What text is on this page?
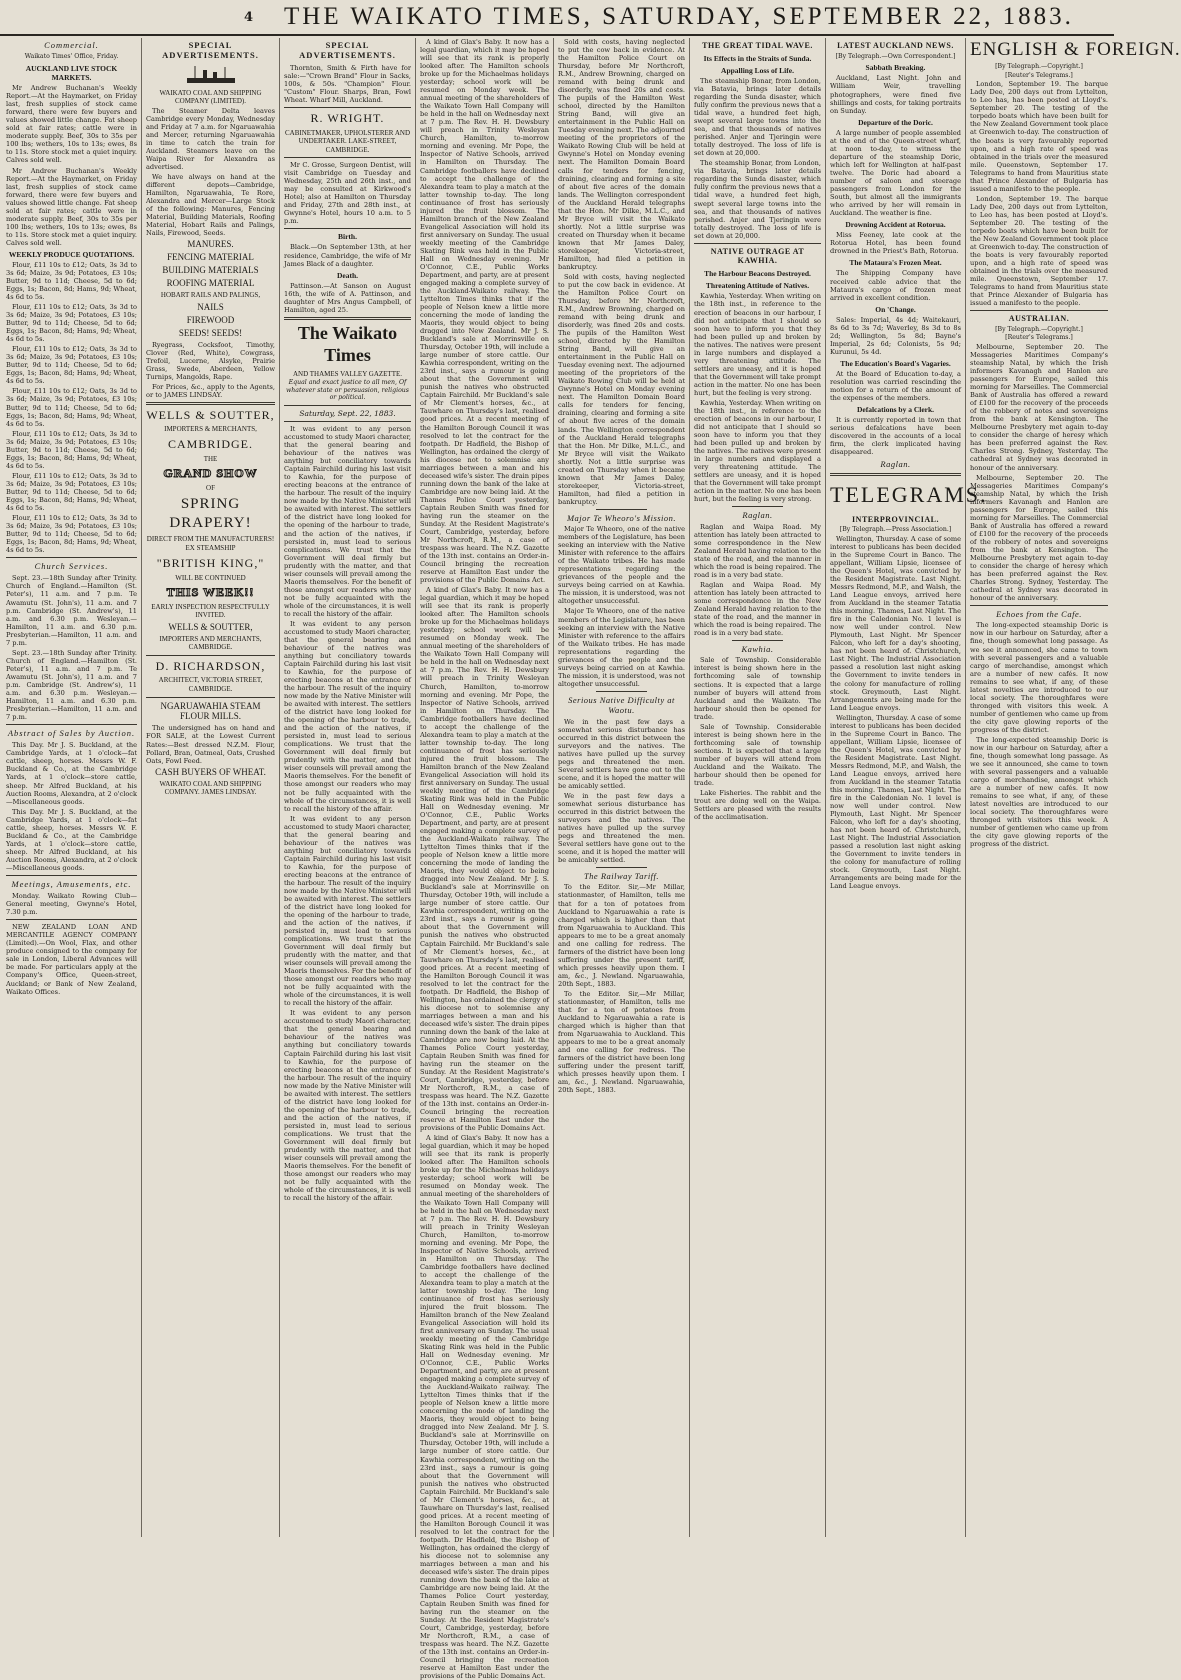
4	THE WAIKATO TIMES, SATURDAY, SEPTEMBER 22, 1883.
Commercial.
Waikato Times' Office, Friday.
AUCKLAND LIVE STOCK MARKETS.

Mr Andrew Buchanan's Weekly Report.—At the Haymarket, on Friday last, fresh supplies of stock came forward, there were few buyers and values showed little change. Fat sheep sold at fair rates; cattle were in moderate supply. Beef, 30s to 35s per 100 lbs; wethers, 10s to 13s; ewes, 8s to 11s. Store stock met a quiet inquiry. Calves sold well.

Mr Andrew Buchanan's Weekly Report.—At the Haymarket, on Friday last, fresh supplies of stock came forward, there were few buyers and values showed little change. Fat sheep sold at fair rates; cattle were in moderate supply. Beef, 30s to 35s per 100 lbs; wethers, 10s to 13s; ewes, 8s to 11s. Store stock met a quiet inquiry. Calves sold well.

WEEKLY PRODUCE QUOTATIONS.

Flour, £11 10s to £12; Oats, 3s 3d to 3s 6d; Maize, 3s 9d; Potatoes, £3 10s; Butter, 9d to 11d; Cheese, 5d to 6d; Eggs, 1s; Bacon, 8d; Hams, 9d; Wheat, 4s 6d to 5s.

Flour, £11 10s to £12; Oats, 3s 3d to 3s 6d; Maize, 3s 9d; Potatoes, £3 10s; Butter, 9d to 11d; Cheese, 5d to 6d; Eggs, 1s; Bacon, 8d; Hams, 9d; Wheat, 4s 6d to 5s.

Flour, £11 10s to £12; Oats, 3s 3d to 3s 6d; Maize, 3s 9d; Potatoes, £3 10s; Butter, 9d to 11d; Cheese, 5d to 6d; Eggs, 1s; Bacon, 8d; Hams, 9d; Wheat, 4s 6d to 5s.

Flour, £11 10s to £12; Oats, 3s 3d to 3s 6d; Maize, 3s 9d; Potatoes, £3 10s; Butter, 9d to 11d; Cheese, 5d to 6d; Eggs, 1s; Bacon, 8d; Hams, 9d; Wheat, 4s 6d to 5s.

Flour, £11 10s to £12; Oats, 3s 3d to 3s 6d; Maize, 3s 9d; Potatoes, £3 10s; Butter, 9d to 11d; Cheese, 5d to 6d; Eggs, 1s; Bacon, 8d; Hams, 9d; Wheat, 4s 6d to 5s.

Flour, £11 10s to £12; Oats, 3s 3d to 3s 6d; Maize, 3s 9d; Potatoes, £3 10s; Butter, 9d to 11d; Cheese, 5d to 6d; Eggs, 1s; Bacon, 8d; Hams, 9d; Wheat, 4s 6d to 5s.

Flour, £11 10s to £12; Oats, 3s 3d to 3s 6d; Maize, 3s 9d; Potatoes, £3 10s; Butter, 9d to 11d; Cheese, 5d to 6d; Eggs, 1s; Bacon, 8d; Hams, 9d; Wheat, 4s 6d to 5s.

Church Services.

Sept. 23.—18th Sunday after Trinity. Church of England.—Hamilton (St. Peter's), 11 a.m. and 7 p.m. Te Awamutu (St. John's), 11 a.m. and 7 p.m. Cambridge (St. Andrew's), 11 a.m. and 6.30 p.m. Wesleyan.—Hamilton, 11 a.m. and 6.30 p.m. Presbyterian.—Hamilton, 11 a.m. and 7 p.m.

Sept. 23.—18th Sunday after Trinity. Church of England.—Hamilton (St. Peter's), 11 a.m. and 7 p.m. Te Awamutu (St. John's), 11 a.m. and 7 p.m. Cambridge (St. Andrew's), 11 a.m. and 6.30 p.m. Wesleyan.—Hamilton, 11 a.m. and 6.30 p.m. Presbyterian.—Hamilton, 11 a.m. and 7 p.m.

Abstract of Sales by Auction.

This Day. Mr J. S. Buckland, at the Cambridge Yards, at 1 o'clock—fat cattle, sheep, horses. Messrs W. F. Buckland & Co., at the Cambridge Yards, at 1 o'clock—store cattle, sheep. Mr Alfred Buckland, at his Auction Rooms, Alexandra, at 2 o'clock—Miscellaneous goods.

This Day. Mr J. S. Buckland, at the Cambridge Yards, at 1 o'clock—fat cattle, sheep, horses. Messrs W. F. Buckland & Co., at the Cambridge Yards, at 1 o'clock—store cattle, sheep. Mr Alfred Buckland, at his Auction Rooms, Alexandra, at 2 o'clock—Miscellaneous goods.

Meetings, Amusements, etc.

Monday. Waikato Rowing Club—General meeting, Gwynne's Hotel, 7.30 p.m.

NEW ZEALAND LOAN AND MERCANTILE AGENCY COMPANY (Limited).—On Wool, Flax, and other produce consigned to the company for sale in London, Liberal Advances will be made. For particulars apply at the Company's Office, Queen-street, Auckland; or Bank of New Zealand, Waikato Offices.

SPECIAL ADVERTISEMENTS.
WAIKATO COAL AND SHIPPING COMPANY (LIMITED).

The Steamer Delta leaves Cambridge every Monday, Wednesday and Friday at 7 a.m. for Ngaruawahia and Mercer, returning Ngaruawahia in time to catch the train for Auckland. Steamers leave on the Waipa River for Alexandra as advertised.

We have always on hand at the different depots—Cambridge, Hamilton, Ngaruawahia, Te Rore, Alexandra and Mercer—Large Stock of the following: Manures, Fencing Material, Building Materials, Roofing Material, Hobart Rails and Palings, Nails, Firewood, Seeds.

MANURES.
FENCING MATERIAL
BUILDING MATERIALS
ROOFING MATERIAL
HOBART RAILS AND PALINGS,
NAILS
FIREWOOD
SEEDS! SEEDS!

Ryegrass, Cocksfoot, Timothy, Clover (Red, White), Cowgrass, Trefoil, Lucerne, Alsyke, Prairie Grass, Swede, Aberdeen, Yellow Turnips, Mangolds, Rape.

For Prices, &c., apply to the Agents, or to JAMES LINDSAY.

WELLS & SOUTTER,
IMPORTERS & MERCHANTS,
CAMBRIDGE.
THE
GRAND SHOW
OF
SPRING DRAPERY!
DIRECT FROM THE MANUFACTURERS!
EX STEAMSHIP
"BRITISH KING,"
WILL BE CONTINUED
THIS WEEK!!
EARLY INSPECTION RESPECTFULLY INVITED.
WELLS & SOUTTER,
IMPORTERS AND MERCHANTS, CAMBRIDGE.
D. RICHARDSON,
ARCHITECT, VICTORIA STREET, CAMBRIDGE.
NGARUAWAHIA STEAM FLOUR MILLS.

The undersigned has on hand and FOR SALE, at the Lowest Current Rates:—Best dressed N.Z.M. Flour, Pollard, Bran, Oatmeal, Oats, Crushed Oats, Fowl Feed.

CASH BUYERS OF WHEAT.
WAIKATO COAL AND SHIPPING COMPANY. JAMES LINDSAY.
SPECIAL ADVERTISEMENTS.

Thornton, Smith & Firth have for sale:—"Crown Brand" Flour in Sacks, 100s, & 50s. "Champion" Flour. "Custom" Flour. Sharps, Bran, Fowl Wheat. Wharf Mill, Auckland.

R. WRIGHT.
CABINETMAKER, UPHOLSTERER AND UNDERTAKER. LAKE-STREET, CAMBRIDGE.

Mr C. Grosse, Surgeon Dentist, will visit Cambridge on Tuesday and Wednesday, 25th and 26th inst., and may be consulted at Kirkwood's Hotel; also at Hamilton on Thursday and Friday, 27th and 28th inst., at Gwynne's Hotel, hours 10 a.m. to 5 p.m.

Birth.

Black.—On September 13th, at her residence, Cambridge, the wife of Mr James Black of a daughter.

Death.

Pattinson.—At Sanson on August 16th, the wife of A. Pattinson, and daughter of Mrs Angus Campbell, of Hamilton, aged 25.

The Waikato Times
AND THAMES VALLEY GAZETTE.
Equal and exact justice to all men, Of whatever state or persuasion, religious or political.
Saturday, Sept. 22, 1883.

It was evident to any person accustomed to study Maori character, that the general bearing and behaviour of the natives was anything but conciliatory towards Captain Fairchild during his last visit to Kawhia, for the purpose of erecting beacons at the entrance of the harbour. The result of the inquiry now made by the Native Minister will be awaited with interest. The settlers of the district have long looked for the opening of the harbour to trade, and the action of the natives, if persisted in, must lead to serious complications. We trust that the Government will deal firmly but prudently with the matter, and that wiser counsels will prevail among the Maoris themselves. For the benefit of those amongst our readers who may not be fully acquainted with the whole of the circumstances, it is well to recall the history of the affair.

It was evident to any person accustomed to study Maori character, that the general bearing and behaviour of the natives was anything but conciliatory towards Captain Fairchild during his last visit to Kawhia, for the purpose of erecting beacons at the entrance of the harbour. The result of the inquiry now made by the Native Minister will be awaited with interest. The settlers of the district have long looked for the opening of the harbour to trade, and the action of the natives, if persisted in, must lead to serious complications. We trust that the Government will deal firmly but prudently with the matter, and that wiser counsels will prevail among the Maoris themselves. For the benefit of those amongst our readers who may not be fully acquainted with the whole of the circumstances, it is well to recall the history of the affair.

It was evident to any person accustomed to study Maori character, that the general bearing and behaviour of the natives was anything but conciliatory towards Captain Fairchild during his last visit to Kawhia, for the purpose of erecting beacons at the entrance of the harbour. The result of the inquiry now made by the Native Minister will be awaited with interest. The settlers of the district have long looked for the opening of the harbour to trade, and the action of the natives, if persisted in, must lead to serious complications. We trust that the Government will deal firmly but prudently with the matter, and that wiser counsels will prevail among the Maoris themselves. For the benefit of those amongst our readers who may not be fully acquainted with the whole of the circumstances, it is well to recall the history of the affair.

It was evident to any person accustomed to study Maori character, that the general bearing and behaviour of the natives was anything but conciliatory towards Captain Fairchild during his last visit to Kawhia, for the purpose of erecting beacons at the entrance of the harbour. The result of the inquiry now made by the Native Minister will be awaited with interest. The settlers of the district have long looked for the opening of the harbour to trade, and the action of the natives, if persisted in, must lead to serious complications. We trust that the Government will deal firmly but prudently with the matter, and that wiser counsels will prevail among the Maoris themselves. For the benefit of those amongst our readers who may not be fully acquainted with the whole of the circumstances, it is well to recall the history of the affair.

A kind of Glax's Baby. It now has a legal guardian, which it may be hoped will see that its rank is properly looked after. The Hamilton schools broke up for the Michaelmas holidays yesterday; school work will be resumed on Monday week. The annual meeting of the shareholders of the Waikato Town Hall Company will be held in the hall on Wednesday next at 7 p.m. The Rev. H. H. Dewsbury will preach in Trinity Wesleyan Church, Hamilton, to-morrow morning and evening. Mr Pope, the Inspector of Native Schools, arrived in Hamilton on Thursday. The Cambridge footballers have declined to accept the challenge of the Alexandra team to play a match at the latter township to-day. The long continuance of frost has seriously injured the fruit blossom. The Hamilton branch of the New Zealand Evangelical Association will hold its first anniversary on Sunday. The usual weekly meeting of the Cambridge Skating Rink was held in the Public Hall on Wednesday evening. Mr O'Connor, C.E., Public Works Department, and party, are at present engaged making a complete survey of the Auckland-Waikato railway. The Lyttelton Times thinks that if the people of Nelson knew a little more concerning the mode of landing the Maoris, they would object to being dragged into New Zealand. Mr J. S. Buckland's sale at Morrinsville on Thursday, October 19th, will include a large number of store cattle. Our Kawhia correspondent, writing on the 23rd inst., says a rumour is going about that the Government will punish the natives who obstructed Captain Fairchild. Mr Buckland's sale of Mr Clement's horses, &c., at Tauwhare on Thursday's last, realised good prices. At a recent meeting of the Hamilton Borough Council it was resolved to let the contract for the footpath. Dr Hadfield, the Bishop of Wellington, has ordained the clergy of his diocese not to solemnise any marriages between a man and his deceased wife's sister. The drain pipes running down the bank of the lake at Cambridge are now being laid. At the Thames Police Court yesterday, Captain Reuben Smith was fined for having run the steamer on the Sunday. At the Resident Magistrate's Court, Cambridge, yesterday, before Mr Northcroft, R.M., a case of trespass was heard. The N.Z. Gazette of the 13th inst. contains an Order-in-Council bringing the recreation reserve at Hamilton East under the provisions of the Public Domains Act.

A kind of Glax's Baby. It now has a legal guardian, which it may be hoped will see that its rank is properly looked after. The Hamilton schools broke up for the Michaelmas holidays yesterday; school work will be resumed on Monday week. The annual meeting of the shareholders of the Waikato Town Hall Company will be held in the hall on Wednesday next at 7 p.m. The Rev. H. H. Dewsbury will preach in Trinity Wesleyan Church, Hamilton, to-morrow morning and evening. Mr Pope, the Inspector of Native Schools, arrived in Hamilton on Thursday. The Cambridge footballers have declined to accept the challenge of the Alexandra team to play a match at the latter township to-day. The long continuance of frost has seriously injured the fruit blossom. The Hamilton branch of the New Zealand Evangelical Association will hold its first anniversary on Sunday. The usual weekly meeting of the Cambridge Skating Rink was held in the Public Hall on Wednesday evening. Mr O'Connor, C.E., Public Works Department, and party, are at present engaged making a complete survey of the Auckland-Waikato railway. The Lyttelton Times thinks that if the people of Nelson knew a little more concerning the mode of landing the Maoris, they would object to being dragged into New Zealand. Mr J. S. Buckland's sale at Morrinsville on Thursday, October 19th, will include a large number of store cattle. Our Kawhia correspondent, writing on the 23rd inst., says a rumour is going about that the Government will punish the natives who obstructed Captain Fairchild. Mr Buckland's sale of Mr Clement's horses, &c., at Tauwhare on Thursday's last, realised good prices. At a recent meeting of the Hamilton Borough Council it was resolved to let the contract for the footpath. Dr Hadfield, the Bishop of Wellington, has ordained the clergy of his diocese not to solemnise any marriages between a man and his deceased wife's sister. The drain pipes running down the bank of the lake at Cambridge are now being laid. At the Thames Police Court yesterday, Captain Reuben Smith was fined for having run the steamer on the Sunday. At the Resident Magistrate's Court, Cambridge, yesterday, before Mr Northcroft, R.M., a case of trespass was heard. The N.Z. Gazette of the 13th inst. contains an Order-in-Council bringing the recreation reserve at Hamilton East under the provisions of the Public Domains Act.

A kind of Glax's Baby. It now has a legal guardian, which it may be hoped will see that its rank is properly looked after. The Hamilton schools broke up for the Michaelmas holidays yesterday; school work will be resumed on Monday week. The annual meeting of the shareholders of the Waikato Town Hall Company will be held in the hall on Wednesday next at 7 p.m. The Rev. H. H. Dewsbury will preach in Trinity Wesleyan Church, Hamilton, to-morrow morning and evening. Mr Pope, the Inspector of Native Schools, arrived in Hamilton on Thursday. The Cambridge footballers have declined to accept the challenge of the Alexandra team to play a match at the latter township to-day. The long continuance of frost has seriously injured the fruit blossom. The Hamilton branch of the New Zealand Evangelical Association will hold its first anniversary on Sunday. The usual weekly meeting of the Cambridge Skating Rink was held in the Public Hall on Wednesday evening. Mr O'Connor, C.E., Public Works Department, and party, are at present engaged making a complete survey of the Auckland-Waikato railway. The Lyttelton Times thinks that if the people of Nelson knew a little more concerning the mode of landing the Maoris, they would object to being dragged into New Zealand. Mr J. S. Buckland's sale at Morrinsville on Thursday, October 19th, will include a large number of store cattle. Our Kawhia correspondent, writing on the 23rd inst., says a rumour is going about that the Government will punish the natives who obstructed Captain Fairchild. Mr Buckland's sale of Mr Clement's horses, &c., at Tauwhare on Thursday's last, realised good prices. At a recent meeting of the Hamilton Borough Council it was resolved to let the contract for the footpath. Dr Hadfield, the Bishop of Wellington, has ordained the clergy of his diocese not to solemnise any marriages between a man and his deceased wife's sister. The drain pipes running down the bank of the lake at Cambridge are now being laid. At the Thames Police Court yesterday, Captain Reuben Smith was fined for having run the steamer on the Sunday. At the Resident Magistrate's Court, Cambridge, yesterday, before Mr Northcroft, R.M., a case of trespass was heard. The N.Z. Gazette of the 13th inst. contains an Order-in-Council bringing the recreation reserve at Hamilton East under the provisions of the Public Domains Act.

Sold with costs, having neglected to put the cow back in evidence. At the Hamilton Police Court on Thursday, before Mr Northcroft, R.M., Andrew Browning, charged on remand with being drunk and disorderly, was fined 20s and costs. The pupils of the Hamilton West school, directed by the Hamilton String Band, will give an entertainment in the Public Hall on Tuesday evening next. The adjourned meeting of the proprietors of the Waikato Rowing Club will be held at Gwynne's Hotel on Monday evening next. The Hamilton Domain Board calls for tenders for fencing, draining, clearing and forming a site of about five acres of the domain lands. The Wellington correspondent of the Auckland Herald telegraphs that the Hon. Mr Dilke, M.L.C., and Mr Bryce will visit the Waikato shortly. Not a little surprise was created on Thursday when it became known that Mr James Daley, storekeeper, Victoria-street, Hamilton, had filed a petition in bankruptcy.

Sold with costs, having neglected to put the cow back in evidence. At the Hamilton Police Court on Thursday, before Mr Northcroft, R.M., Andrew Browning, charged on remand with being drunk and disorderly, was fined 20s and costs. The pupils of the Hamilton West school, directed by the Hamilton String Band, will give an entertainment in the Public Hall on Tuesday evening next. The adjourned meeting of the proprietors of the Waikato Rowing Club will be held at Gwynne's Hotel on Monday evening next. The Hamilton Domain Board calls for tenders for fencing, draining, clearing and forming a site of about five acres of the domain lands. The Wellington correspondent of the Auckland Herald telegraphs that the Hon. Mr Dilke, M.L.C., and Mr Bryce will visit the Waikato shortly. Not a little surprise was created on Thursday when it became known that Mr James Daley, storekeeper, Victoria-street, Hamilton, had filed a petition in bankruptcy.

Major Te Wheoro's Mission.

Major Te Wheoro, one of the native members of the Legislature, has been seeking an interview with the Native Minister with reference to the affairs of the Waikato tribes. He has made representations regarding the grievances of the people and the surveys being carried on at Kawhia. The mission, it is understood, was not altogether unsuccessful.

Major Te Wheoro, one of the native members of the Legislature, has been seeking an interview with the Native Minister with reference to the affairs of the Waikato tribes. He has made representations regarding the grievances of the people and the surveys being carried on at Kawhia. The mission, it is understood, was not altogether unsuccessful.

Serious Native Difficulty at Waotu.

We in the past few days a somewhat serious disturbance has occurred in this district between the surveyors and the natives. The natives have pulled up the survey pegs and threatened the men. Several settlers have gone out to the scene, and it is hoped the matter will be amicably settled.

We in the past few days a somewhat serious disturbance has occurred in this district between the surveyors and the natives. The natives have pulled up the survey pegs and threatened the men. Several settlers have gone out to the scene, and it is hoped the matter will be amicably settled.

The Railway Tariff.

To the Editor. Sir,—Mr Millar, stationmaster, of Hamilton, tells me that for a ton of potatoes from Auckland to Ngaruawahia a rate is charged which is higher than that from Ngaruawahia to Auckland. This appears to me to be a great anomaly and one calling for redress. The farmers of the district have been long suffering under the present tariff, which presses heavily upon them. I am, &c., J. Newland. Ngaruawahia, 20th Sept., 1883.

To the Editor. Sir,—Mr Millar, stationmaster, of Hamilton, tells me that for a ton of potatoes from Auckland to Ngaruawahia a rate is charged which is higher than that from Ngaruawahia to Auckland. This appears to me to be a great anomaly and one calling for redress. The farmers of the district have been long suffering under the present tariff, which presses heavily upon them. I am, &c., J. Newland. Ngaruawahia, 20th Sept., 1883.

THE GREAT TIDAL WAVE.
Its Effects in the Straits of Sunda.
Appalling Loss of Life.

The steamship Bonar, from London, via Batavia, brings later details regarding the Sunda disaster, which fully confirm the previous news that a tidal wave, a hundred feet high, swept several large towns into the sea, and that thousands of natives perished. Anjer and Tjeringin were totally destroyed. The loss of life is set down at 20,000.

The steamship Bonar, from London, via Batavia, brings later details regarding the Sunda disaster, which fully confirm the previous news that a tidal wave, a hundred feet high, swept several large towns into the sea, and that thousands of natives perished. Anjer and Tjeringin were totally destroyed. The loss of life is set down at 20,000.

NATIVE OUTRAGE AT KAWHIA.
The Harbour Beacons Destroyed.
Threatening Attitude of Natives.

Kawhia, Yesterday. When writing on the 18th inst., in reference to the erection of beacons in our harbour, I did not anticipate that I should so soon have to inform you that they had been pulled up and broken by the natives. The natives were present in large numbers and displayed a very threatening attitude. The settlers are uneasy, and it is hoped that the Government will take prompt action in the matter. No one has been hurt, but the feeling is very strong.

Kawhia, Yesterday. When writing on the 18th inst., in reference to the erection of beacons in our harbour, I did not anticipate that I should so soon have to inform you that they had been pulled up and broken by the natives. The natives were present in large numbers and displayed a very threatening attitude. The settlers are uneasy, and it is hoped that the Government will take prompt action in the matter. No one has been hurt, but the feeling is very strong.

Raglan.

Raglan and Waipa Road. My attention has lately been attracted to some correspondence in the New Zealand Herald having relation to the state of the road, and the manner in which the road is being repaired. The road is in a very bad state.

Raglan and Waipa Road. My attention has lately been attracted to some correspondence in the New Zealand Herald having relation to the state of the road, and the manner in which the road is being repaired. The road is in a very bad state.

Kawhia.

Sale of Township. Considerable interest is being shown here in the forthcoming sale of township sections. It is expected that a large number of buyers will attend from Auckland and the Waikato. The harbour should then be opened for trade.

Sale of Township. Considerable interest is being shown here in the forthcoming sale of township sections. It is expected that a large number of buyers will attend from Auckland and the Waikato. The harbour should then be opened for trade.

Lake Fisheries. The rabbit and the trout are doing well on the Waipa. Settlers are pleased with the results of the acclimatisation.

LATEST AUCKLAND NEWS.
[By Telegraph.—Own Correspondent.]
Sabbath Breaking.

Auckland, Last Night. John and William Weir, travelling photographers, were fined five shillings and costs, for taking portraits on Sunday.

Departure of the Doric.

A large number of people assembled at the end of the Queen-street wharf, at noon to-day, to witness the departure of the steamship Doric, which left for Wellington at half-past twelve. The Doric had aboard a number of saloon and steerage passengers from London for the South, but almost all the immigrants who arrived by her will remain in Auckland. The weather is fine.

Drowning Accident at Rotorua.

Miss Feeney, late cook at the Rotorua Hotel, has been found drowned in the Priest's Bath, Rotorua.

The Mataura's Frozen Meat.

The Shipping Company have received cable advice that the Mataura's cargo of frozen meat arrived in excellent condition.

On 'Change.

Sales: Imperial, 4s 4d; Waitekauri, 8s 6d to 3s 7d; Waverley, 8s 3d to 8s 2d; Wellington, 5s 8d; Bayne's Imperial, 2s 6d; Colonists, 5s 9d; Kurunui, 5s 4d.

The Education's Board's Vagaries.

At the Board of Education to-day, a resolution was carried rescinding the motion for a return of the amount of the expenses of the members.

Defalcations by a Clerk.

It is currently reported in town that serious defalcations have been discovered in the accounts of a local firm, the clerk implicated having disappeared.

Raglan.
TELEGRAMS.
INTERPROVINCIAL.
[By Telegraph.—Press Association.]

Wellington, Thursday. A case of some interest to publicans has been decided in the Supreme Court in Banco. The appellant, William Lipsie, licensee of the Queen's Hotel, was convicted by the Resident Magistrate. Last Night. Messrs Redmond, M.P., and Walsh, the Land League envoys, arrived here from Auckland in the steamer Tatatia this morning. Thames, Last Night. The fire in the Caledonian No. 1 level is now well under control. New Plymouth, Last Night. Mr Spencer Falcon, who left for a day's shooting, has not been heard of. Christchurch, Last Night. The Industrial Association passed a resolution last night asking the Government to invite tenders in the colony for manufacture of rolling stock. Greymouth, Last Night. Arrangements are being made for the Land League envoys.

Wellington, Thursday. A case of some interest to publicans has been decided in the Supreme Court in Banco. The appellant, William Lipsie, licensee of the Queen's Hotel, was convicted by the Resident Magistrate. Last Night. Messrs Redmond, M.P., and Walsh, the Land League envoys, arrived here from Auckland in the steamer Tatatia this morning. Thames, Last Night. The fire in the Caledonian No. 1 level is now well under control. New Plymouth, Last Night. Mr Spencer Falcon, who left for a day's shooting, has not been heard of. Christchurch, Last Night. The Industrial Association passed a resolution last night asking the Government to invite tenders in the colony for manufacture of rolling stock. Greymouth, Last Night. Arrangements are being made for the Land League envoys.

ENGLISH & FOREIGN.
[By Telegraph.—Copyright.]
[Reuter's Telegrams.]

London, September 19. The barque Lady Dee, 200 days out from Lyttelton, to Leo has, has been posted at Lloyd's. September 20. The testing of the torpedo boats which have been built for the New Zealand Government took place at Greenwich to-day. The construction of the boats is very favourably reported upon, and a high rate of speed was obtained in the trials over the measured mile. Queenstown, September 17. Telegrams to hand from Mauritius state that Prince Alexander of Bulgaria has issued a manifesto to the people.

London, September 19. The barque Lady Dee, 200 days out from Lyttelton, to Leo has, has been posted at Lloyd's. September 20. The testing of the torpedo boats which have been built for the New Zealand Government took place at Greenwich to-day. The construction of the boats is very favourably reported upon, and a high rate of speed was obtained in the trials over the measured mile. Queenstown, September 17. Telegrams to hand from Mauritius state that Prince Alexander of Bulgaria has issued a manifesto to the people.

AUSTRALIAN.
[By Telegraph.—Copyright.]
[Reuter's Telegrams.]

Melbourne, September 20. The Messageries Maritimes Company's steamship Natal, by which the Irish informers Kavanagh and Hanlon are passengers for Europe, sailed this morning for Marseilles. The Commercial Bank of Australia has offered a reward of £100 for the recovery of the proceeds of the robbery of notes and sovereigns from the bank at Kensington. The Melbourne Presbytery met again to-day to consider the charge of heresy which has been preferred against the Rev. Charles Strong. Sydney, Yesterday. The cathedral at Sydney was decorated in honour of the anniversary.

Melbourne, September 20. The Messageries Maritimes Company's steamship Natal, by which the Irish informers Kavanagh and Hanlon are passengers for Europe, sailed this morning for Marseilles. The Commercial Bank of Australia has offered a reward of £100 for the recovery of the proceeds of the robbery of notes and sovereigns from the bank at Kensington. The Melbourne Presbytery met again to-day to consider the charge of heresy which has been preferred against the Rev. Charles Strong. Sydney, Yesterday. The cathedral at Sydney was decorated in honour of the anniversary.

Echoes from the Cafe.

The long-expected steamship Doric is now in our harbour on Saturday, after a fine, though somewhat long passage. As we see it announced, she came to town with several passengers and a valuable cargo of merchandise, amongst which are a number of new cafés. It now remains to see what, if any, of these latest novelties are introduced to our local society. The thoroughfares were thronged with visitors this week. A number of gentlemen who came up from the city gave glowing reports of the progress of the district.

The long-expected steamship Doric is now in our harbour on Saturday, after a fine, though somewhat long passage. As we see it announced, she came to town with several passengers and a valuable cargo of merchandise, amongst which are a number of new cafés. It now remains to see what, if any, of these latest novelties are introduced to our local society. The thoroughfares were thronged with visitors this week. A number of gentlemen who came up from the city gave glowing reports of the progress of the district.
